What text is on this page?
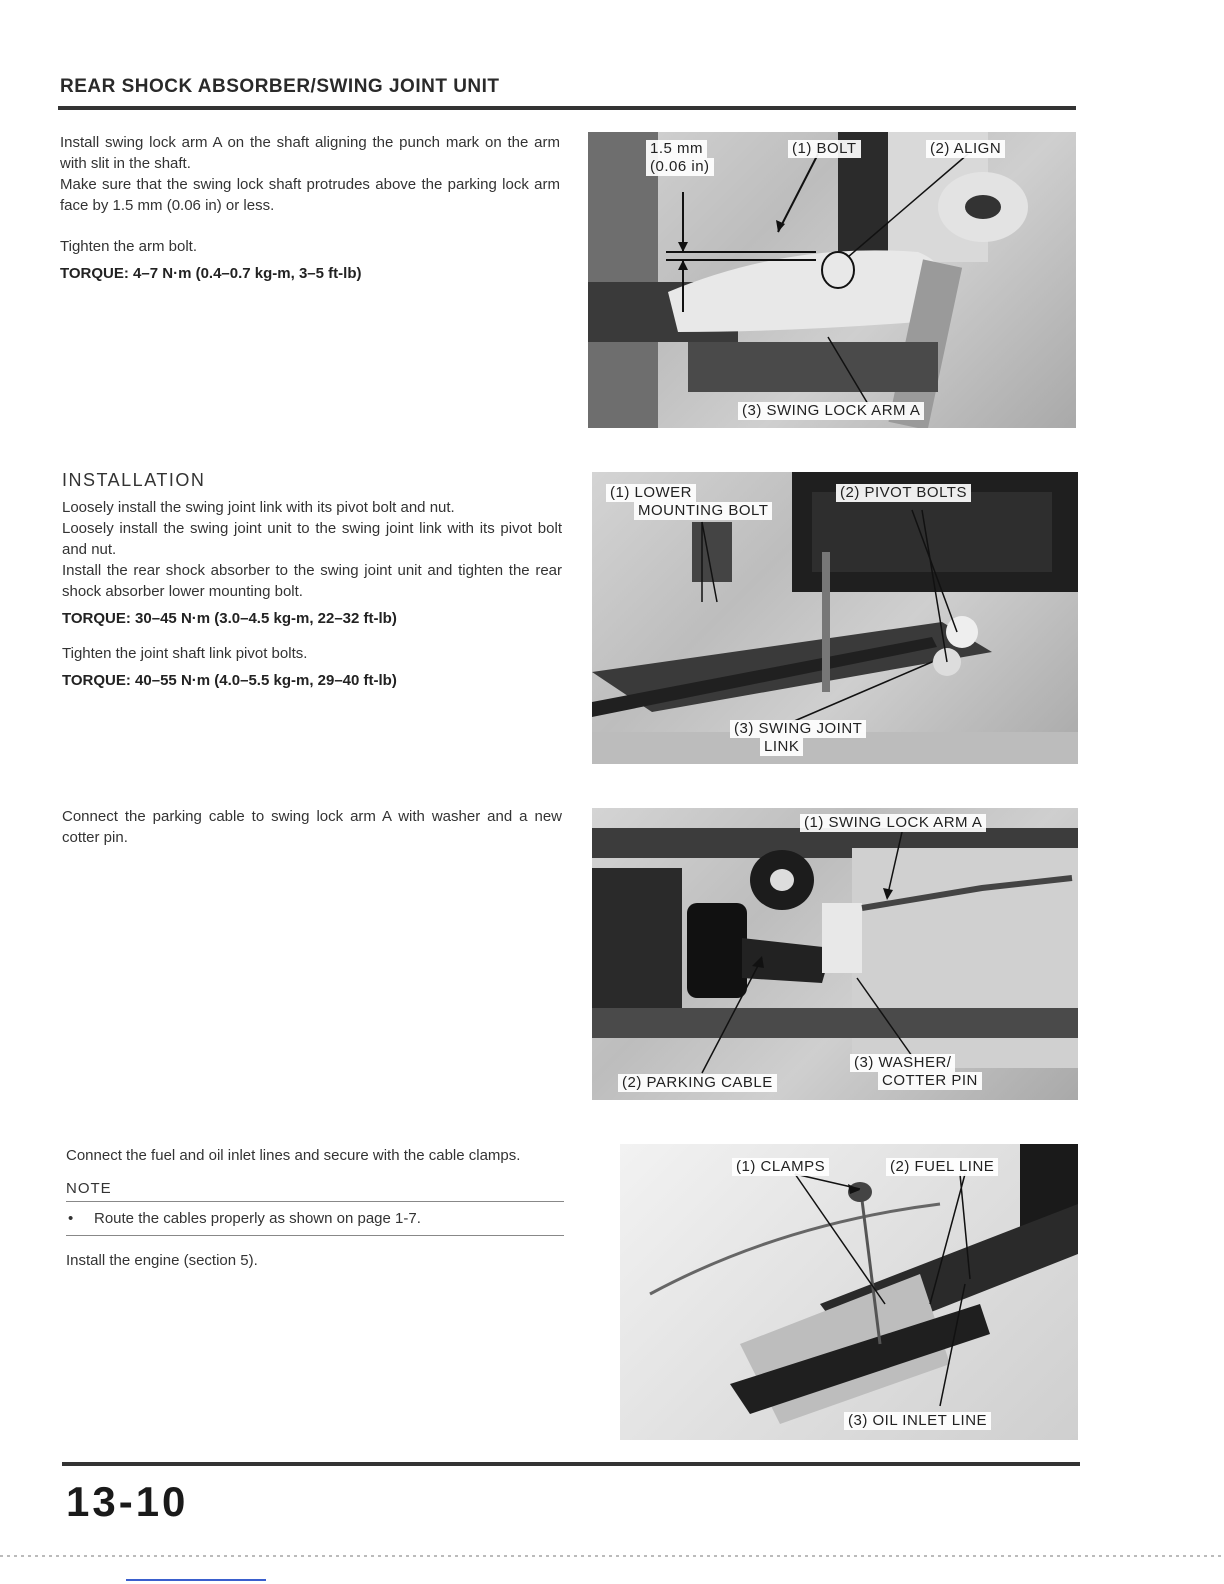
REAR SHOCK ABSORBER/SWING JOINT UNIT

Install swing lock arm A on the shaft aligning the punch mark on the arm with slit in the shaft.

Make sure that the swing lock shaft protrudes above the parking lock arm face by 1.5 mm (0.06 in) or less.

Tighten the arm bolt.

TORQUE: 4–7 N·m (0.4–0.7 kg-m, 3–5 ft-lb)

1.5 mm
(0.06 in)
(1) BOLT	(2) ALIGN
(3) SWING LOCK ARM A
INSTALLATION

Loosely install the swing joint link with its pivot bolt and nut.

Loosely install the swing joint unit to the swing joint link with its pivot bolt and nut.

Install the rear shock absorber to the swing joint unit and tighten the rear shock absorber lower mounting bolt.

TORQUE: 30–45 N·m (3.0–4.5 kg-m, 22–32 ft-lb)

Tighten the joint shaft link pivot bolts.

TORQUE: 40–55 N·m (4.0–5.5 kg-m, 29–40 ft-lb)

(1) LOWER
MOUNTING BOLT
(2) PIVOT BOLTS
(3) SWING JOINT
LINK

Connect the parking cable to swing lock arm A with washer and a new cotter pin.

(1) SWING LOCK ARM A
(2) PARKING CABLE
(3) WASHER/
COTTER PIN

Connect the fuel and oil inlet lines and secure with the cable clamps.

NOTE
• Route the cables properly as shown on page 1-7.

Install the engine (section 5).

(1) CLAMPS	(2) FUEL LINE
(3) OIL INLET LINE
13-10
